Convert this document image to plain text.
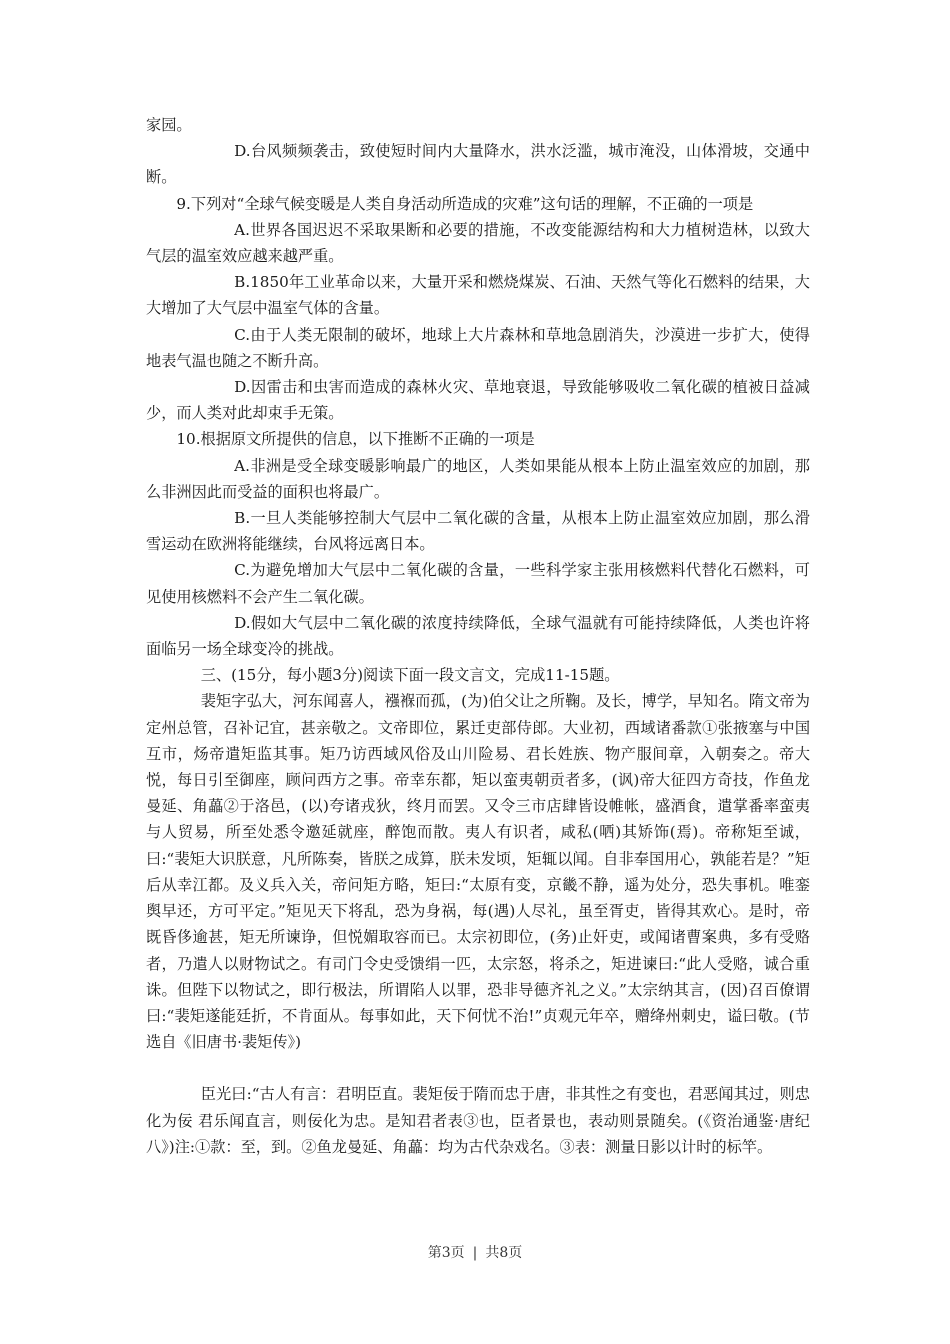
家园。

D.台风频频袭击，致使短时间内大量降水，洪水泛滥，城市淹没，山体滑坡，交通中断。

9.下列对“全球气候变暖是人类自身活动所造成的灾难”这句话的理解，不正确的一项是

A.世界各国迟迟不采取果断和必要的措施，不改变能源结构和大力植树造林，以致大气层的温室效应越来越严重。

B.1850年工业革命以来，大量开采和燃烧煤炭、石油、天然气等化石燃料的结果，大大增加了大气层中温室气体的含量。

C.由于人类无限制的破坏，地球上大片森林和草地急剧消失，沙漠进一步扩大，使得地表气温也随之不断升高。

D.因雷击和虫害而造成的森林火灾、草地衰退，导致能够吸收二氧化碳的植被日益减少，而人类对此却束手无策。

10.根据原文所提供的信息，以下推断不正确的一项是

A.非洲是受全球变暖影响最广的地区，人类如果能从根本上防止温室效应的加剧，那么非洲因此而受益的面积也将最广。

B.一旦人类能够控制大气层中二氧化碳的含量，从根本上防止温室效应加剧，那么滑雪运动在欧洲将能继续，台风将远离日本。

C.为避免增加大气层中二氧化碳的含量，一些科学家主张用核燃料代替化石燃料，可见使用核燃料不会产生二氧化碳。

D.假如大气层中二氧化碳的浓度持续降低，全球气温就有可能持续降低，人类也许将面临另一场全球变冷的挑战。

三、(15分，每小题3分)阅读下面一段文言文，完成11-15题。

裴矩字弘大，河东闻喜人，襁褓而孤，(为)伯父让之所鞠。及长，博学，早知名。隋文帝为定州总管，召补记宜，甚亲敬之。文帝即位，累迁吏部侍郎。大业初，西域诸番款①张掖塞与中国互市，炀帝遣矩监其事。矩乃访西域风俗及山川险易、君长姓族、物产服间章，入朝奏之。帝大悦，每日引至御座，顾问西方之事。帝幸东都，矩以蛮夷朝贡者多，(讽)帝大征四方奇技，作鱼龙曼延、角藟②于洛邑，(以)夸诸戎狄，终月而罢。又令三市店肆皆设帷帐，盛酒食，遣掌番率蛮夷与人贸易，所至处悉令邀延就座，醉饱而散。夷人有识者，咸私(哂)其矫饰(焉)。帝称矩至诚，曰:“裴矩大识朕意，凡所陈奏，皆朕之成算，朕未发顷，矩辄以闻。自非奉国用心，孰能若是？”矩后从幸江都。及义兵入关，帝问矩方略，矩曰:“太原有变，京畿不静，遥为处分，恐失事机。唯銮舆早还，方可平定。”矩见天下将乱，恐为身祸，每(遇)人尽礼，虽至胥吏，皆得其欢心。是时，帝既昏侈逾甚，矩无所谏诤，但悦媚取容而已。太宗初即位，(务)止奸吏，或闻诸曹案典，多有受赂者，乃遣人以财物试之。有司门令史受馈绢一匹，太宗怒，将杀之，矩进谏曰:“此人受赂，诚合重诛。但陛下以物试之，即行极法，所谓陷人以罪，恐非导德齐礼之义。”太宗纳其言，(因)召百僚谓曰:“裴矩遂能廷折，不肯面从。每事如此，天下何忧不治!”贞观元年卒，赠绛州刺史，谥曰敬。(节选自《旧唐书·裴矩传》)

臣光曰:“古人有言：君明臣直。裴矩佞于隋而忠于唐，非其性之有变也，君恶闻其过，则忠化为佞 君乐闻直言，则佞化为忠。是知君者表③也，臣者景也，表动则景随矣。(《资治通鉴·唐纪八》)注:①款：至，到。②鱼龙曼延、角藟：均为古代杂戏名。③表：测量日影以计时的标竿。

第3页 | 共8页
